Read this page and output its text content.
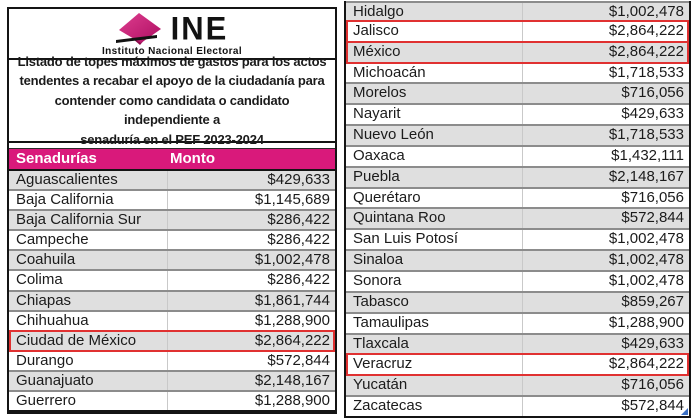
INE
Instituto Nacional Electoral
Listado de topes máximos de gastos para los actos
tendentes a recabar el apoyo de la ciudadanía para
contender como candidata o candidato independiente a
senaduría en el PEF 2023-2024
Senadurías	Monto
Aguascalientes	$429,633
Baja California	$1,145,689
Baja California Sur	$286,422
Campeche	$286,422
Coahuila	$1,002,478
Colima	$286,422
Chiapas	$1,861,744
Chihuahua	$1,288,900
Ciudad de México	$2,864,222
Durango	$572,844
Guanajuato	$2,148,167
Guerrero	$1,288,900
Hidalgo	$1,002,478
Jalisco	$2,864,222
México	$2,864,222
Michoacán	$1,718,533
Morelos	$716,056
Nayarit	$429,633
Nuevo León	$1,718,533
Oaxaca	$1,432,111
Puebla	$2,148,167
Querétaro	$716,056
Quintana Roo	$572,844
San Luis Potosí	$1,002,478
Sinaloa	$1,002,478
Sonora	$1,002,478
Tabasco	$859,267
Tamaulipas	$1,288,900
Tlaxcala	$429,633
Veracruz	$2,864,222
Yucatán	$716,056
Zacatecas	$572,844
